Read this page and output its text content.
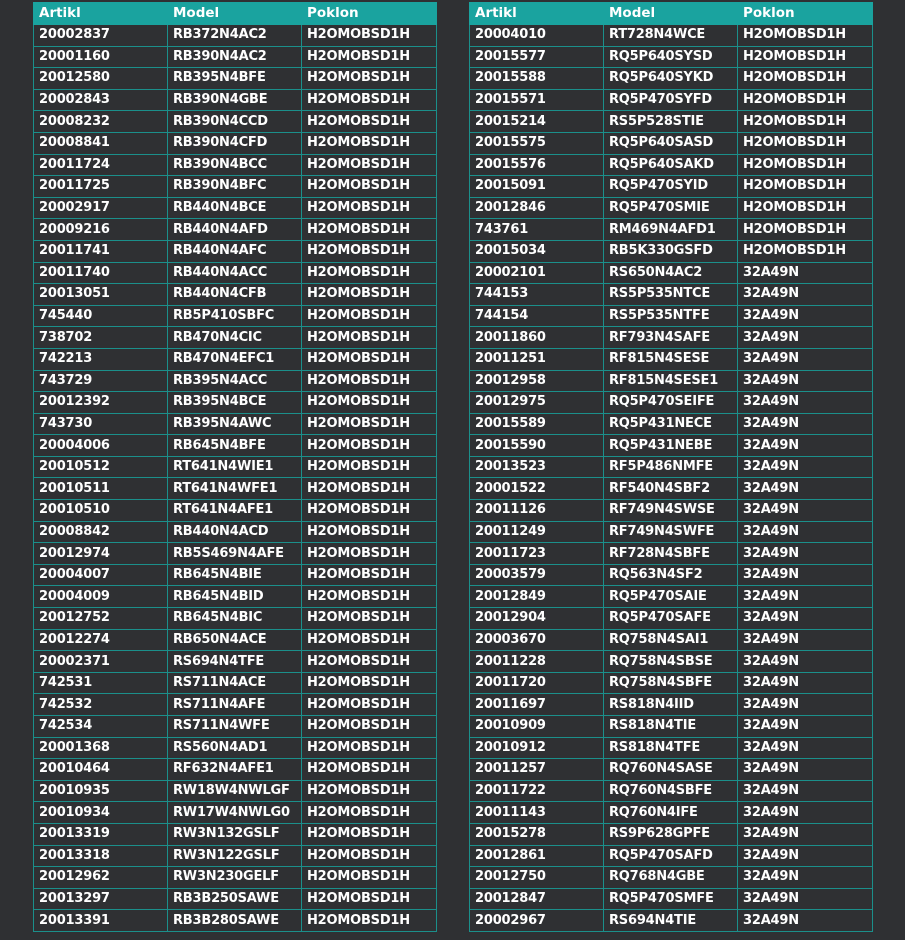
Artikl	Model	Poklon
20002837	RB372N4AC2	H2OMOBSD1H
20001160	RB390N4AC2	H2OMOBSD1H
20012580	RB395N4BFE	H2OMOBSD1H
20002843	RB390N4GBE	H2OMOBSD1H
20008232	RB390N4CCD	H2OMOBSD1H
20008841	RB390N4CFD	H2OMOBSD1H
20011724	RB390N4BCC	H2OMOBSD1H
20011725	RB390N4BFC	H2OMOBSD1H
20002917	RB440N4BCE	H2OMOBSD1H
20009216	RB440N4AFD	H2OMOBSD1H
20011741	RB440N4AFC	H2OMOBSD1H
20011740	RB440N4ACC	H2OMOBSD1H
20013051	RB440N4CFB	H2OMOBSD1H
745440	RB5P410SBFC	H2OMOBSD1H
738702	RB470N4CIC	H2OMOBSD1H
742213	RB470N4EFC1	H2OMOBSD1H
743729	RB395N4ACC	H2OMOBSD1H
20012392	RB395N4BCE	H2OMOBSD1H
743730	RB395N4AWC	H2OMOBSD1H
20004006	RB645N4BFE	H2OMOBSD1H
20010512	RT641N4WIE1	H2OMOBSD1H
20010511	RT641N4WFE1	H2OMOBSD1H
20010510	RT641N4AFE1	H2OMOBSD1H
20008842	RB440N4ACD	H2OMOBSD1H
20012974	RB5S469N4AFE	H2OMOBSD1H
20004007	RB645N4BIE	H2OMOBSD1H
20004009	RB645N4BID	H2OMOBSD1H
20012752	RB645N4BIC	H2OMOBSD1H
20012274	RB650N4ACE	H2OMOBSD1H
20002371	RS694N4TFE	H2OMOBSD1H
742531	RS711N4ACE	H2OMOBSD1H
742532	RS711N4AFE	H2OMOBSD1H
742534	RS711N4WFE	H2OMOBSD1H
20001368	RS560N4AD1	H2OMOBSD1H
20010464	RF632N4AFE1	H2OMOBSD1H
20010935	RW18W4NWLGF	H2OMOBSD1H
20010934	RW17W4NWLG0	H2OMOBSD1H
20013319	RW3N132GSLF	H2OMOBSD1H
20013318	RW3N122GSLF	H2OMOBSD1H
20012962	RW3N230GELF	H2OMOBSD1H
20013297	RB3B250SAWE	H2OMOBSD1H
20013391	RB3B280SAWE	H2OMOBSD1H
Artikl	Model	Poklon
20004010	RT728N4WCE	H2OMOBSD1H
20015577	RQ5P640SYSD	H2OMOBSD1H
20015588	RQ5P640SYKD	H2OMOBSD1H
20015571	RQ5P470SYFD	H2OMOBSD1H
20015214	RS5P528STIE	H2OMOBSD1H
20015575	RQ5P640SASD	H2OMOBSD1H
20015576	RQ5P640SAKD	H2OMOBSD1H
20015091	RQ5P470SYID	H2OMOBSD1H
20012846	RQ5P470SMIE	H2OMOBSD1H
743761	RM469N4AFD1	H2OMOBSD1H
20015034	RB5K330GSFD	H2OMOBSD1H
20002101	RS650N4AC2	32A49N
744153	RS5P535NTCE	32A49N
744154	RS5P535NTFE	32A49N
20011860	RF793N4SAFE	32A49N
20011251	RF815N4SESE	32A49N
20012958	RF815N4SESE1	32A49N
20012975	RQ5P470SEIFE	32A49N
20015589	RQ5P431NECE	32A49N
20015590	RQ5P431NEBE	32A49N
20013523	RF5P486NMFE	32A49N
20001522	RF540N4SBF2	32A49N
20011126	RF749N4SWSE	32A49N
20011249	RF749N4SWFE	32A49N
20011723	RF728N4SBFE	32A49N
20003579	RQ563N4SF2	32A49N
20012849	RQ5P470SAIE	32A49N
20012904	RQ5P470SAFE	32A49N
20003670	RQ758N4SAI1	32A49N
20011228	RQ758N4SBSE	32A49N
20011720	RQ758N4SBFE	32A49N
20011697	RS818N4IID	32A49N
20010909	RS818N4TIE	32A49N
20010912	RS818N4TFE	32A49N
20011257	RQ760N4SASE	32A49N
20011722	RQ760N4SBFE	32A49N
20011143	RQ760N4IFE	32A49N
20015278	RS9P628GPFE	32A49N
20012861	RQ5P470SAFD	32A49N
20012750	RQ768N4GBE	32A49N
20012847	RQ5P470SMFE	32A49N
20002967	RS694N4TIE	32A49N
